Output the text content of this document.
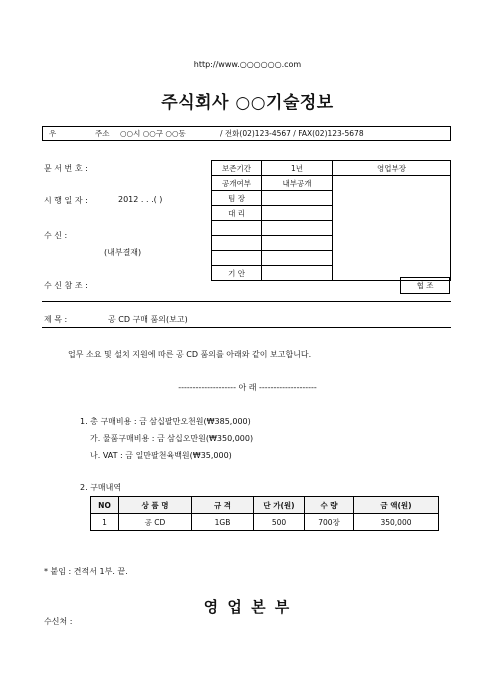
http://www.○○○○○○.com
주식회사 ○○기술정보
우	주소 ○○시 ○○구 ○○동	/ 전화(02)123-4567 / FAX(02)123-5678
문 서 번 호 :
시 행 일 자 :	2012 . . .( )
수 신 :
(내부결재)
수 신 참 조 :
보존기간	1년	영업부장
공개여부	내부공개	
팀 장		
대 리		

기 안		
협 조
제 목 :	공 CD 구매 품의(보고)
업무 소요 및 설치 지원에 따른 공 CD 품의를 아래와 같이 보고합니다.
-------------------- 아 래 --------------------
1. 총 구매비용 : 금 삼십팔만오천원(₩385,000)
가. 물품구매비용 : 금 삼십오만원(₩350,000)
나. VAT : 금 일만팔천육백원(₩35,000)
2. 구매내역
NO	상 품 명	규 격	단 가(원)	수 량	금 액(원)
1	공 CD	1GB	500	700장	350,000
* 붙임 : 견적서 1부. 끝.
영 업 본 부
수신처 :
